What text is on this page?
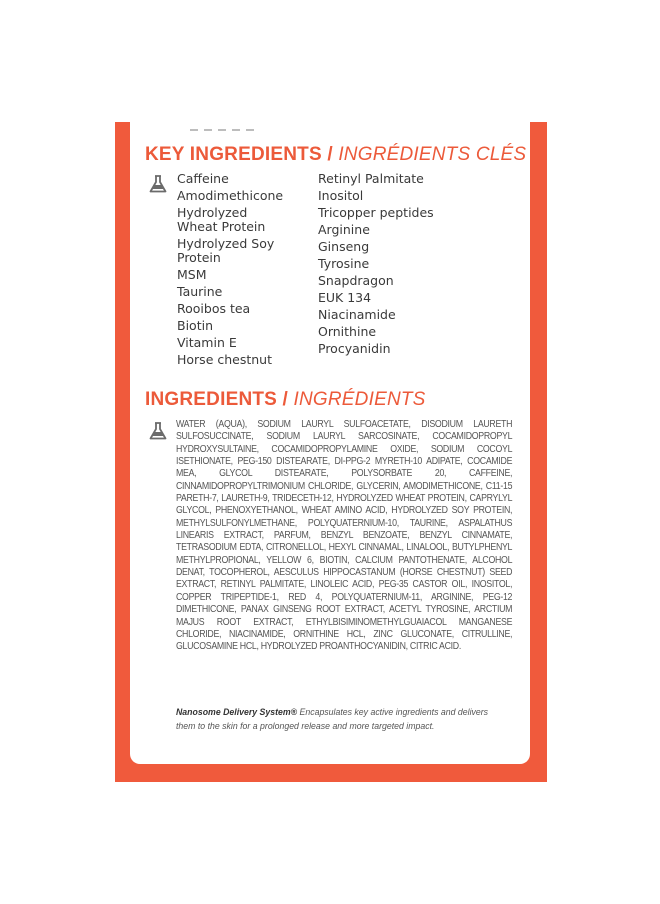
KEY INGREDIENTS / INGRÉDIENTS CLÉS
Caffeine
Amodimethicone
Hydrolyzed
Wheat Protein
Hydrolyzed Soy
Protein
MSM
Taurine
Rooibos tea
Biotin
Vitamin E
Horse chestnut
Retinyl Palmitate
Inositol
Tricopper peptides
Arginine
Ginseng
Tyrosine
Snapdragon
EUK 134
Niacinamide
Ornithine
Procyanidin
INGREDIENTS / INGRÉDIENTS
WATER (AQUA), SODIUM LAURYL SULFOACETATE, DISODIUM LAURETH SULFOSUCCINATE, SODIUM LAURYL SARCOSINATE, COCAMIDOPROPYL HYDROXYSULTAINE, COCAMIDOPROPYLAMINE OXIDE, SODIUM COCOYL ISETHIONATE, PEG-150 DISTEARATE, DI-PPG-2 MYRETH-10 ADIPATE, COCAMIDE MEA, GLYCOL DISTEARATE, POLYSORBATE 20, CAFFEINE, CINNAMIDOPROPYLTRIMONIUM CHLORIDE, GLYCERIN, AMODIMETHICONE, C11-15 PARETH-7, LAURETH-9, TRIDECETH-12, HYDROLYZED WHEAT PROTEIN, CAPRYLYL GLYCOL, PHENOXYETHANOL, WHEAT AMINO ACID, HYDROLYZED SOY PROTEIN, METHYLSULFONYLMETHANE, POLYQUATERNIUM-10, TAURINE, ASPALATHUS LINEARIS EXTRACT, PARFUM, BENZYL BENZOATE, BENZYL CINNAMATE, TETRASODIUM EDTA, CITRONELLOL, HEXYL CINNAMAL, LINALOOL, BUTYLPHENYL METHYLPROPIONAL, YELLOW 6, BIOTIN, CALCIUM PANTOTHENATE, ALCOHOL DENAT, TOCOPHEROL, AESCULUS HIPPOCASTANUM (HORSE CHESTNUT) SEED EXTRACT, RETINYL PALMITATE, LINOLEIC ACID, PEG-35 CASTOR OIL, INOSITOL, COPPER TRIPEPTIDE-1, RED 4, POLYQUATERNIUM-11, ARGININE, PEG-12 DIMETHICONE, PANAX GINSENG ROOT EXTRACT, ACETYL TYROSINE, ARCTIUM MAJUS ROOT EXTRACT, ETHYLBISIMINOMETHYLGUAIACOL MANGANESE CHLORIDE, NIACINAMIDE, ORNITHINE HCL, ZINC GLUCONATE, CITRULLINE, GLUCOSAMINE HCL, HYDROLYZED PROANTHOCYANIDIN, CITRIC ACID.
Nanosome Delivery System® Encapsulates key active ingredients and delivers them to the skin for a prolonged release and more targeted impact.
